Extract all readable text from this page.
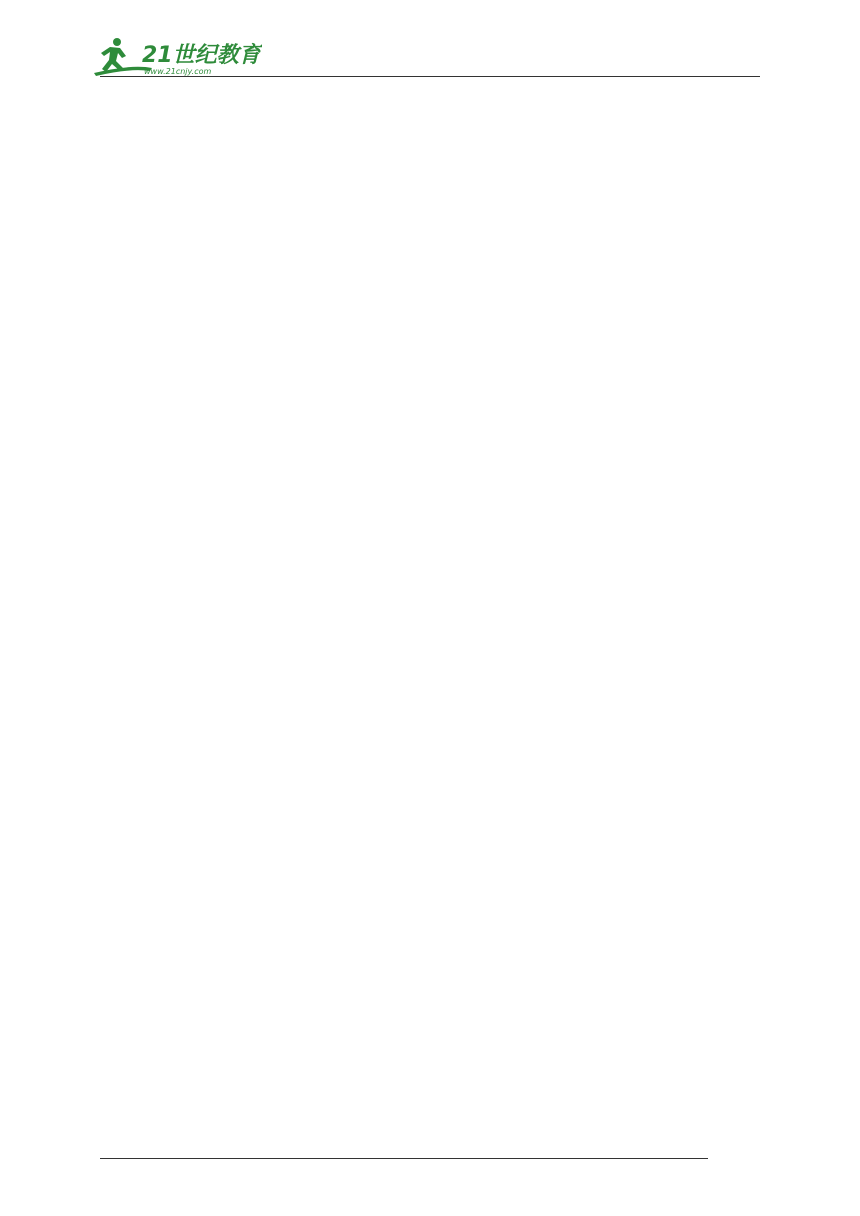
21世纪教育
www.21cnjy.com
